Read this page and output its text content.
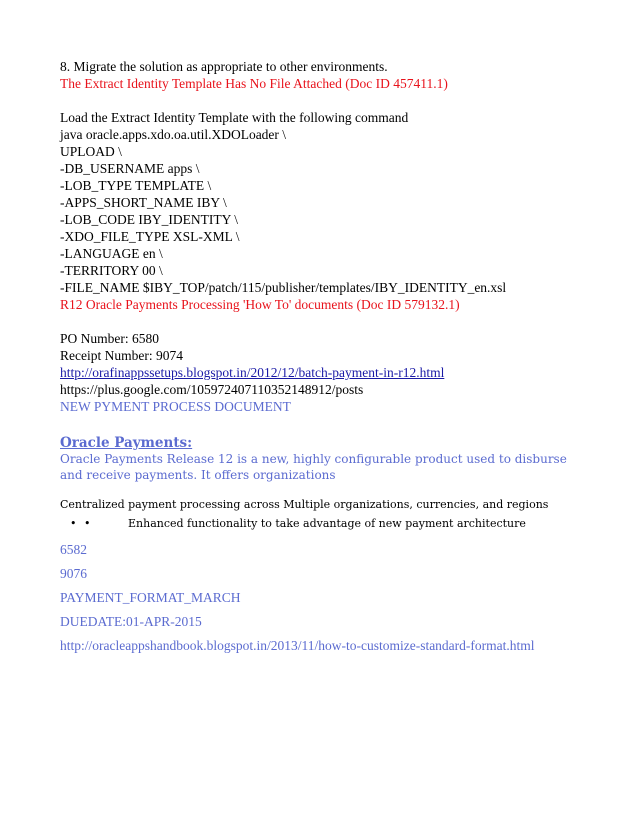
8. Migrate the solution as appropriate to other environments.
The Extract Identity Template Has No File Attached (Doc ID 457411.1)
Load the Extract Identity Template with the following command
java oracle.apps.xdo.oa.util.XDOLoader \
UPLOAD \
-DB_USERNAME apps \
-LOB_TYPE TEMPLATE \
-APPS_SHORT_NAME IBY \
-LOB_CODE IBY_IDENTITY \
-XDO_FILE_TYPE XSL-XML \
-LANGUAGE en \
-TERRITORY 00 \
-FILE_NAME $IBY_TOP/patch/115/publisher/templates/IBY_IDENTITY_en.xsl
R12 Oracle Payments Processing 'How To' documents (Doc ID 579132.1)
PO Number: 6580
Receipt Number: 9074
http://orafinappssetups.blogspot.in/2012/12/batch-payment-in-r12.html
https://plus.google.com/105972407110352148912/posts
NEW PYMENT PROCESS DOCUMENT
Oracle Payments:
Oracle Payments Release 12 is a new, highly configurable product used to disburse and receive payments. It offers organizations
Centralized payment processing across Multiple organizations, currencies, and regions
• •	Enhanced functionality to take advantage of new payment architecture
6582
9076
PAYMENT_FORMAT_MARCH
DUEDATE:01-APR-2015
http://oracleappshandbook.blogspot.in/2013/11/how-to-customize-standard-format.html
